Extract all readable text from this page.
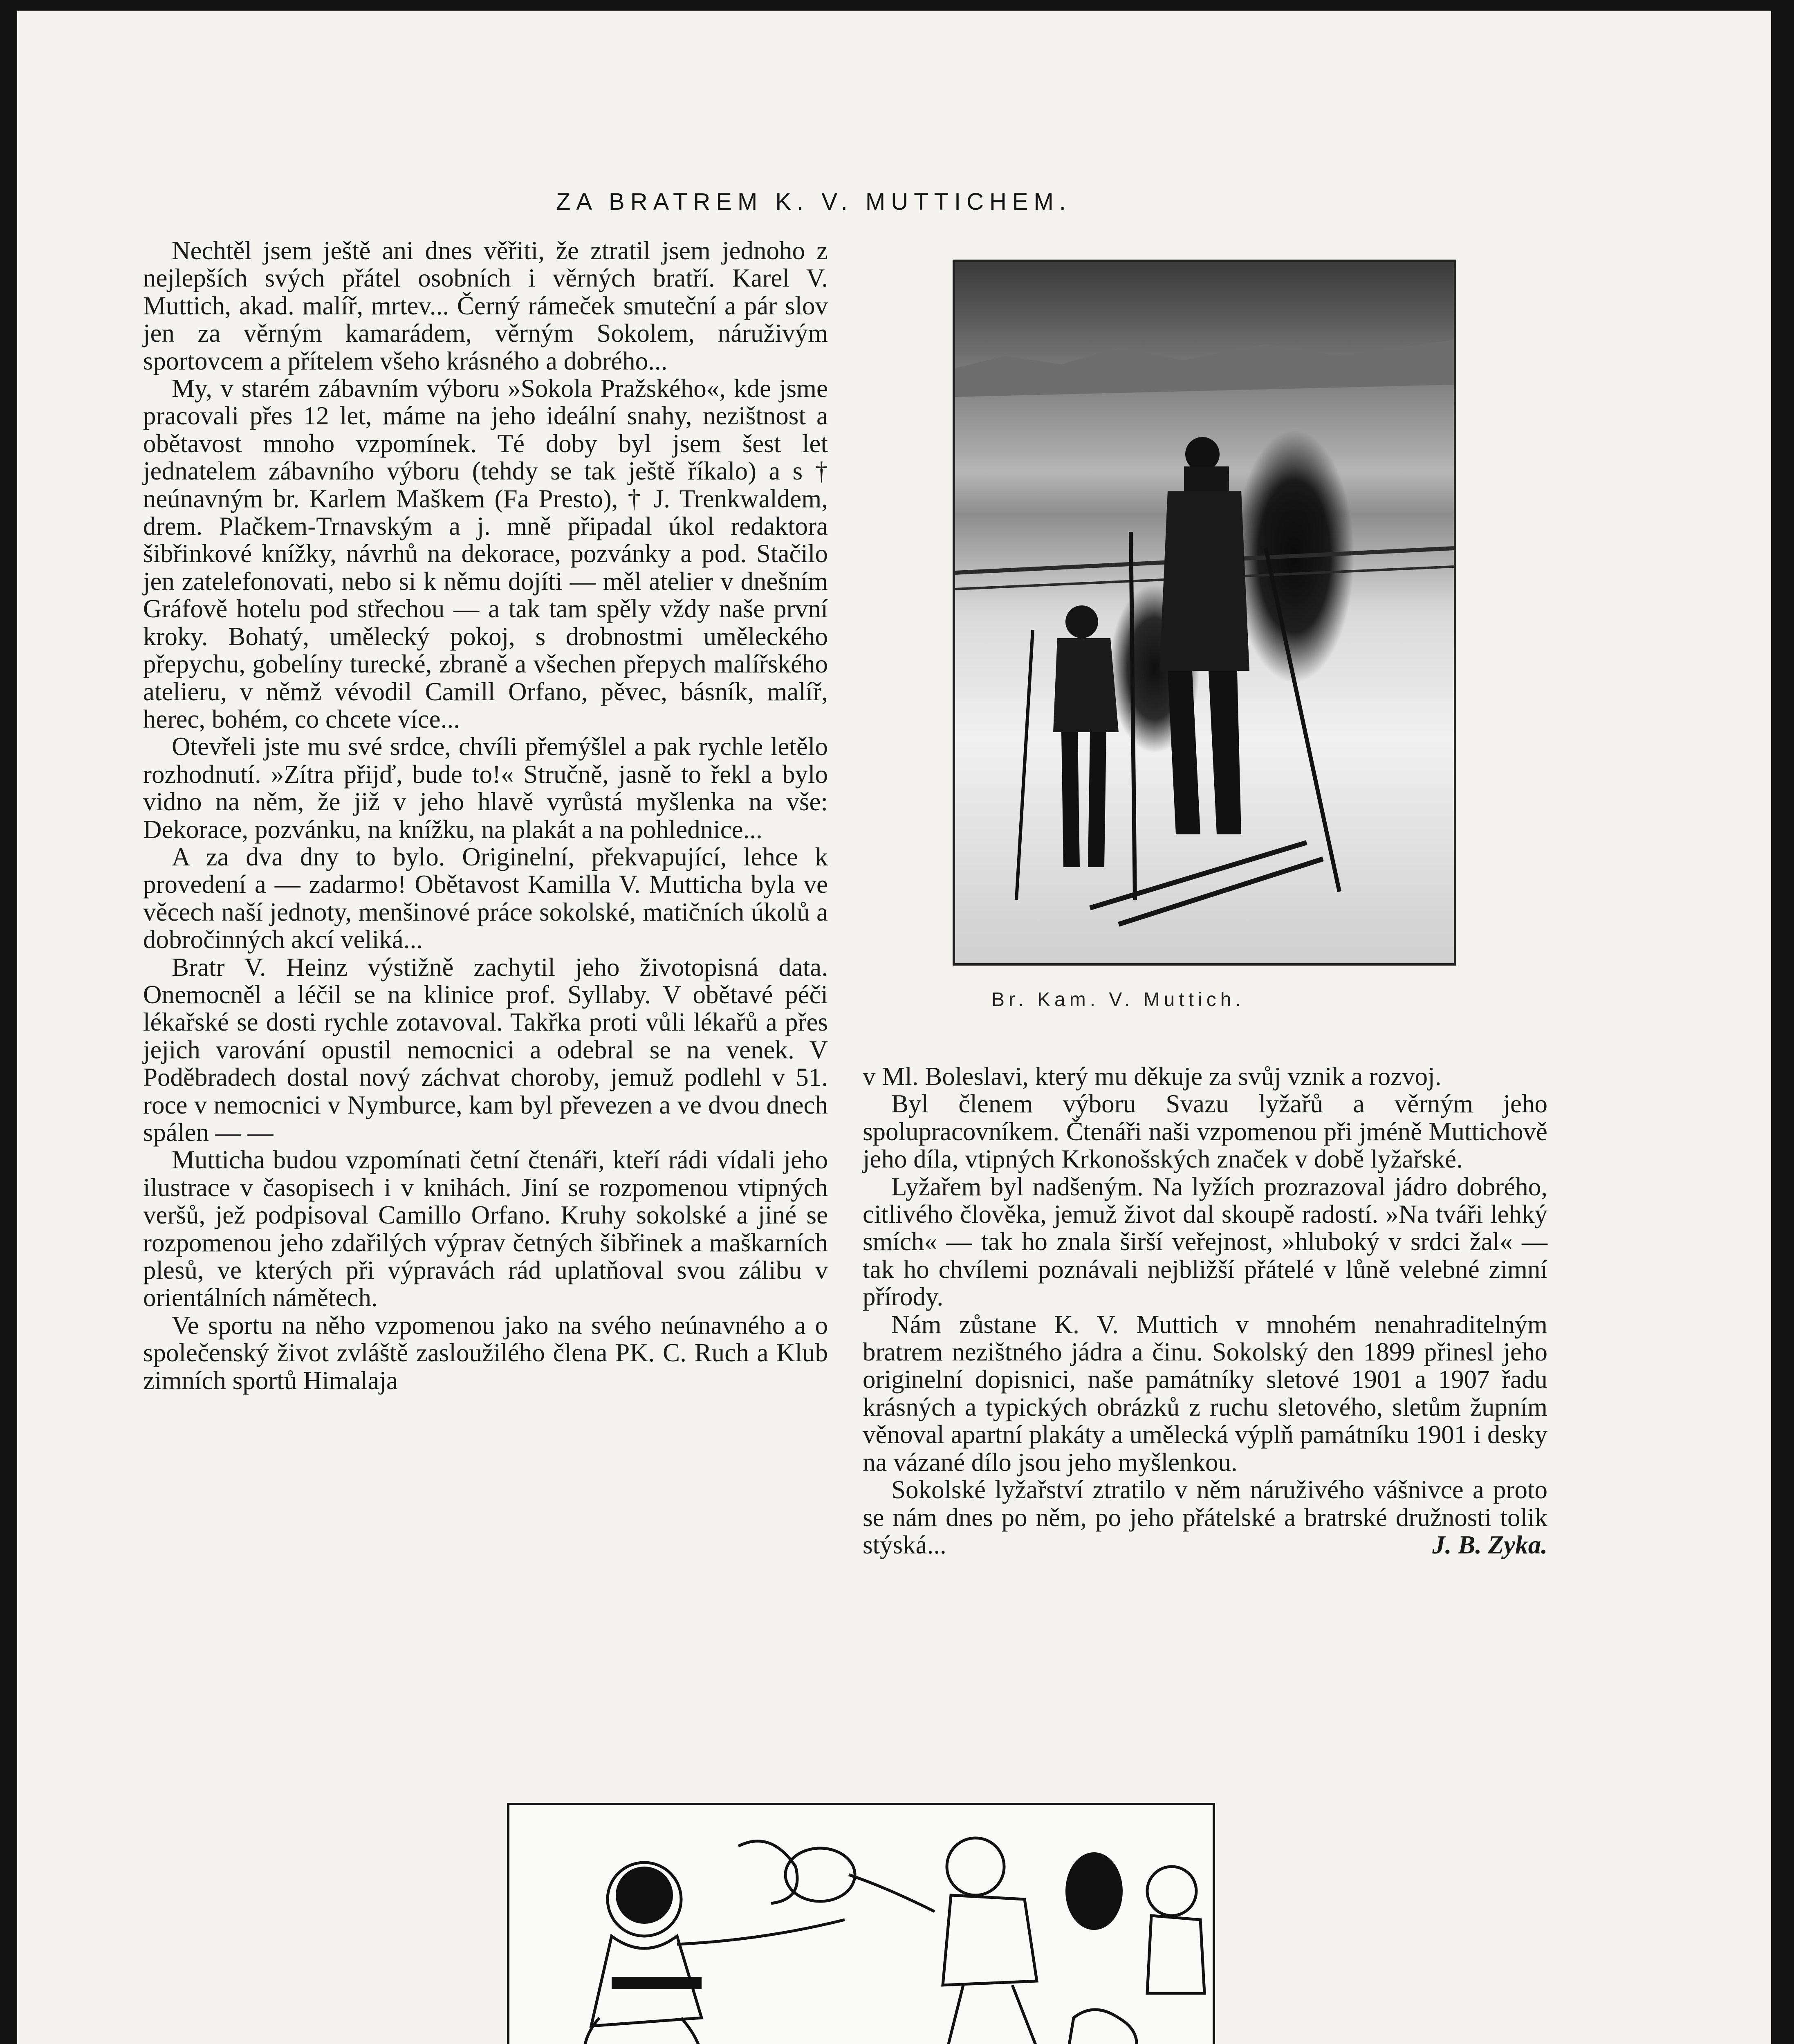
ZA BRATREM K. V. MUTTICHEM.

Nechtěl jsem ještě ani dnes věřiti, že ztratil jsem jednoho z nejlepších svých přátel osobních i věrných bratří. Karel V. Muttich, akad. malíř, mrtev... Černý rámeček smuteční a pár slov jen za věrným kamarádem, věrným Sokolem, náruživým sportovcem a přítelem všeho krásného a dobrého...

My, v starém zábavním výboru »Sokola Pražského«, kde jsme pracovali přes 12 let, máme na jeho ideální snahy, nezištnost a obětavost mnoho vzpomínek. Té doby byl jsem šest let jednatelem zábavního výboru (tehdy se tak ještě říkalo) a s † neúnavným br. Karlem Maškem (Fa Presto), † J. Trenkwaldem, drem. Plačkem-Trnavským a j. mně připadal úkol redaktora šibřinkové knížky, návrhů na dekorace, pozvánky a pod. Stačilo jen zatelefonovati, nebo si k němu dojíti — měl atelier v dnešním Gráfově hotelu pod střechou — a tak tam spěly vždy naše první kroky. Bohatý, umělecký pokoj, s drobnostmi uměleckého přepychu, gobelíny turecké, zbraně a všechen přepych malířského atelieru, v němž vévodil Camill Orfano, pěvec, básník, malíř, herec, bohém, co chcete více...

Otevřeli jste mu své srdce, chvíli přemýšlel a pak rychle letělo rozhodnutí. »Zítra přijď, bude to!« Stručně, jasně to řekl a bylo vidno na něm, že již v jeho hlavě vyrůstá myšlenka na vše: Dekorace, pozvánku, na knížku, na plakát a na pohlednice...

A za dva dny to bylo. Originelní, překvapující, lehce k provedení a — zadarmo! Obětavost Kamilla V. Mutticha byla ve věcech naší jednoty, menšinové práce sokolské, matičních úkolů a dobročinných akcí veliká...

Bratr V. Heinz výstižně zachytil jeho životopisná data. Onemocněl a léčil se na klinice prof. Syllaby. V obětavé péči lékařské se dosti rychle zotavoval. Takřka proti vůli lékařů a přes jejich varování opustil nemocnici a odebral se na venek. V Poděbradech dostal nový záchvat choroby, jemuž podlehl v 51. roce v nemocnici v Nymburce, kam byl převezen a ve dvou dnech spálen — —

Mutticha budou vzpomínati četní čtenáři, kteří rádi vídali jeho ilustrace v časopisech i v knihách. Jiní se rozpomenou vtipných veršů, jež podpisoval Camillo Orfano. Kruhy sokolské a jiné se rozpomenou jeho zdařilých výprav četných šibřinek a maškarních plesů, ve kterých při výpravách rád uplatňoval svou zálibu v orientálních námětech.

Ve sportu na něho vzpomenou jako na svého neúnavného a o společenský život zvláště zasloužilého člena PK. C. Ruch a Klub zimních sportů Himalaja

Br. Kam. V. Muttich.

v Ml. Boleslavi, který mu děkuje za svůj vznik a rozvoj.

Byl členem výboru Svazu lyžařů a věrným jeho spolupracovníkem. Čtenáři naši vzpomenou při jméně Muttichově jeho díla, vtipných Krkonošských značek v době lyžařské.

Lyžařem byl nadšeným. Na lyžích prozrazoval jádro dobrého, citlivého člověka, jemuž život dal skoupě radostí. »Na tváři lehký smích« — tak ho znala širší veřejnost, »hluboký v srdci žal« — tak ho chvílemi poznávali nejbližší přátelé v lůně velebné zimní přírody.

Nám zůstane K. V. Muttich v mnohém nenahraditelným bratrem nezištného jádra a činu. Sokolský den 1899 přinesl jeho originelní dopisnici, naše památníky sletové 1901 a 1907 řadu krásných a typických obrázků z ruchu sletového, sletům župním věnoval apartní plakáty a umělecká výplň památníku 1901 i desky na vázané dílo jsou jeho myšlenkou.

Sokolské lyžařství ztratilo v něm náruživého vášnivce a proto se nám dnes po něm, po jeho přátelské a bratrské družnosti tolik stýská...	J. B. Zyka.
